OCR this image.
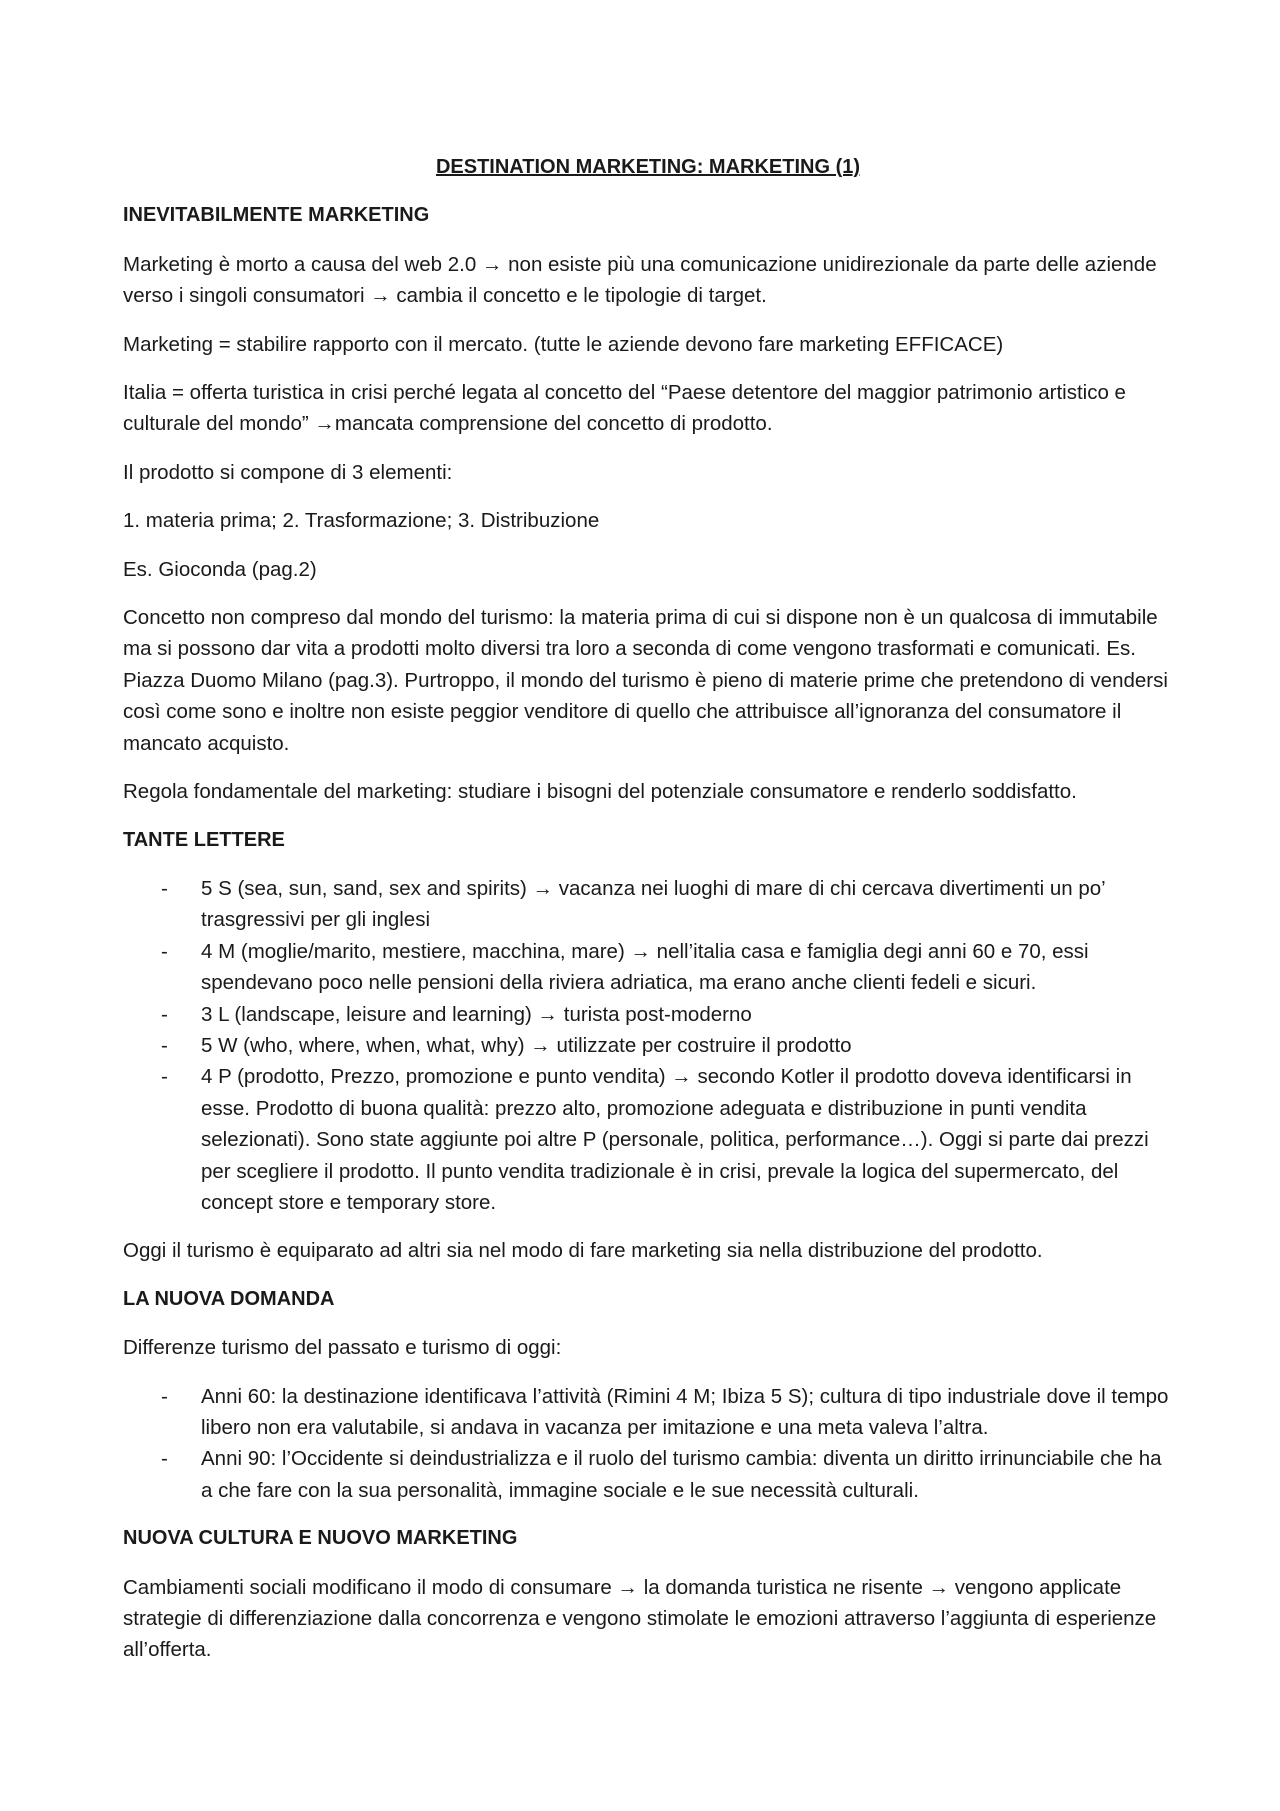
DESTINATION MARKETING: MARKETING (1)
INEVITABILMENTE MARKETING

Marketing è morto a causa del web 2.0 → non esiste più una comunicazione unidirezionale da parte delle aziende verso i singoli consumatori → cambia il concetto e le tipologie di target.

Marketing = stabilire rapporto con il mercato. (tutte le aziende devono fare marketing EFFICACE)

Italia = offerta turistica in crisi perché legata al concetto del “Paese detentore del maggior patrimonio artistico e culturale del mondo” →mancata comprensione del concetto di prodotto.

Il prodotto si compone di 3 elementi:

1. materia prima; 2. Trasformazione; 3. Distribuzione

Es. Gioconda (pag.2)

Concetto non compreso dal mondo del turismo: la materia prima di cui si dispone non è un qualcosa di immutabile ma si possono dar vita a prodotti molto diversi tra loro a seconda di come vengono trasformati e comunicati. Es. Piazza Duomo Milano (pag.3). Purtroppo, il mondo del turismo è pieno di materie prime che pretendono di vendersi così come sono e inoltre non esiste peggior venditore di quello che attribuisce all’ignoranza del consumatore il mancato acquisto.

Regola fondamentale del marketing: studiare i bisogni del potenziale consumatore e renderlo soddisfatto.

TANTE LETTERE
- 5 S (sea, sun, sand, sex and spirits) → vacanza nei luoghi di mare di chi cercava divertimenti un po’ trasgressivi per gli inglesi
- 4 M (moglie/marito, mestiere, macchina, mare) → nell’italia casa e famiglia degi anni 60 e 70, essi spendevano poco nelle pensioni della riviera adriatica, ma erano anche clienti fedeli e sicuri.
- 3 L (landscape, leisure and learning) → turista post-moderno
- 5 W (who, where, when, what, why) → utilizzate per costruire il prodotto
- 4 P (prodotto, Prezzo, promozione e punto vendita) → secondo Kotler il prodotto doveva identificarsi in esse. Prodotto di buona qualità: prezzo alto, promozione adeguata e distribuzione in punti vendita selezionati). Sono state aggiunte poi altre P (personale, politica, performance…). Oggi si parte dai prezzi per scegliere il prodotto. Il punto vendita tradizionale è in crisi, prevale la logica del supermercato, del concept store e temporary store.

Oggi il turismo è equiparato ad altri sia nel modo di fare marketing sia nella distribuzione del prodotto.

LA NUOVA DOMANDA

Differenze turismo del passato e turismo di oggi:

- Anni 60: la destinazione identificava l’attività (Rimini 4 M; Ibiza 5 S); cultura di tipo industriale dove il tempo libero non era valutabile, si andava in vacanza per imitazione e una meta valeva l’altra.
- Anni 90: l’Occidente si deindustrializza e il ruolo del turismo cambia: diventa un diritto irrinunciabile che ha a che fare con la sua personalità, immagine sociale e le sue necessità culturali.
NUOVA CULTURA E NUOVO MARKETING

Cambiamenti sociali modificano il modo di consumare → la domanda turistica ne risente → vengono applicate strategie di differenziazione dalla concorrenza e vengono stimolate le emozioni attraverso l’aggiunta di esperienze all’offerta.
